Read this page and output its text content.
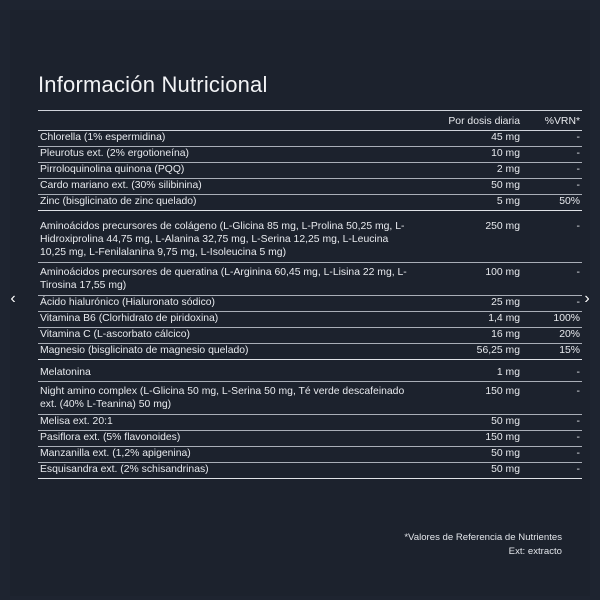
Información Nutricional
	Por dosis diaria	%VRN*
Chlorella (1% espermidina)	45 mg	-
Pleurotus ext. (2% ergotioneína)	10 mg	-
Pirroloquinolina quinona (PQQ)	2 mg	-
Cardo mariano ext. (30% silibinina)	50 mg	-
Zinc (bisglicinato de zinc quelado)	5 mg	50%

Aminoácidos precursores de colágeno (L-Glicina 85 mg, L-Prolina 50,25 mg, L-Hidroxiprolina 44,75 mg, L-Alanina 32,75 mg, L-Serina 12,25 mg, L-Leucina 10,25 mg, L-Fenilalanina 9,75 mg, L-Isoleucina 5 mg)	250 mg	-
Aminoácidos precursores de queratina (L-Arginina 60,45 mg, L-Lisina 22 mg, L-Tirosina 17,55 mg)	100 mg	-
Ácido hialurónico (Hialuronato sódico)	25 mg	-
Vitamina B6 (Clorhidrato de piridoxina)	1,4 mg	100%
Vitamina C (L-ascorbato cálcico)	16 mg	20%
Magnesio (bisglicinato de magnesio quelado)	56,25 mg	15%

Melatonina	1 mg	-
Night amino complex (L-Glicina 50 mg, L-Serina 50 mg, Té verde descafeinado ext. (40% L-Teanina) 50 mg)	150 mg	-
Melisa ext. 20:1	50 mg	-
Pasiflora ext. (5% flavonoides)	150 mg	-
Manzanilla ext. (1,2% apigenina)	50 mg	-
Esquisandra ext. (2% schisandrinas)	50 mg	-
*Valores de Referencia de Nutrientes
Ext: extracto
‹	›
